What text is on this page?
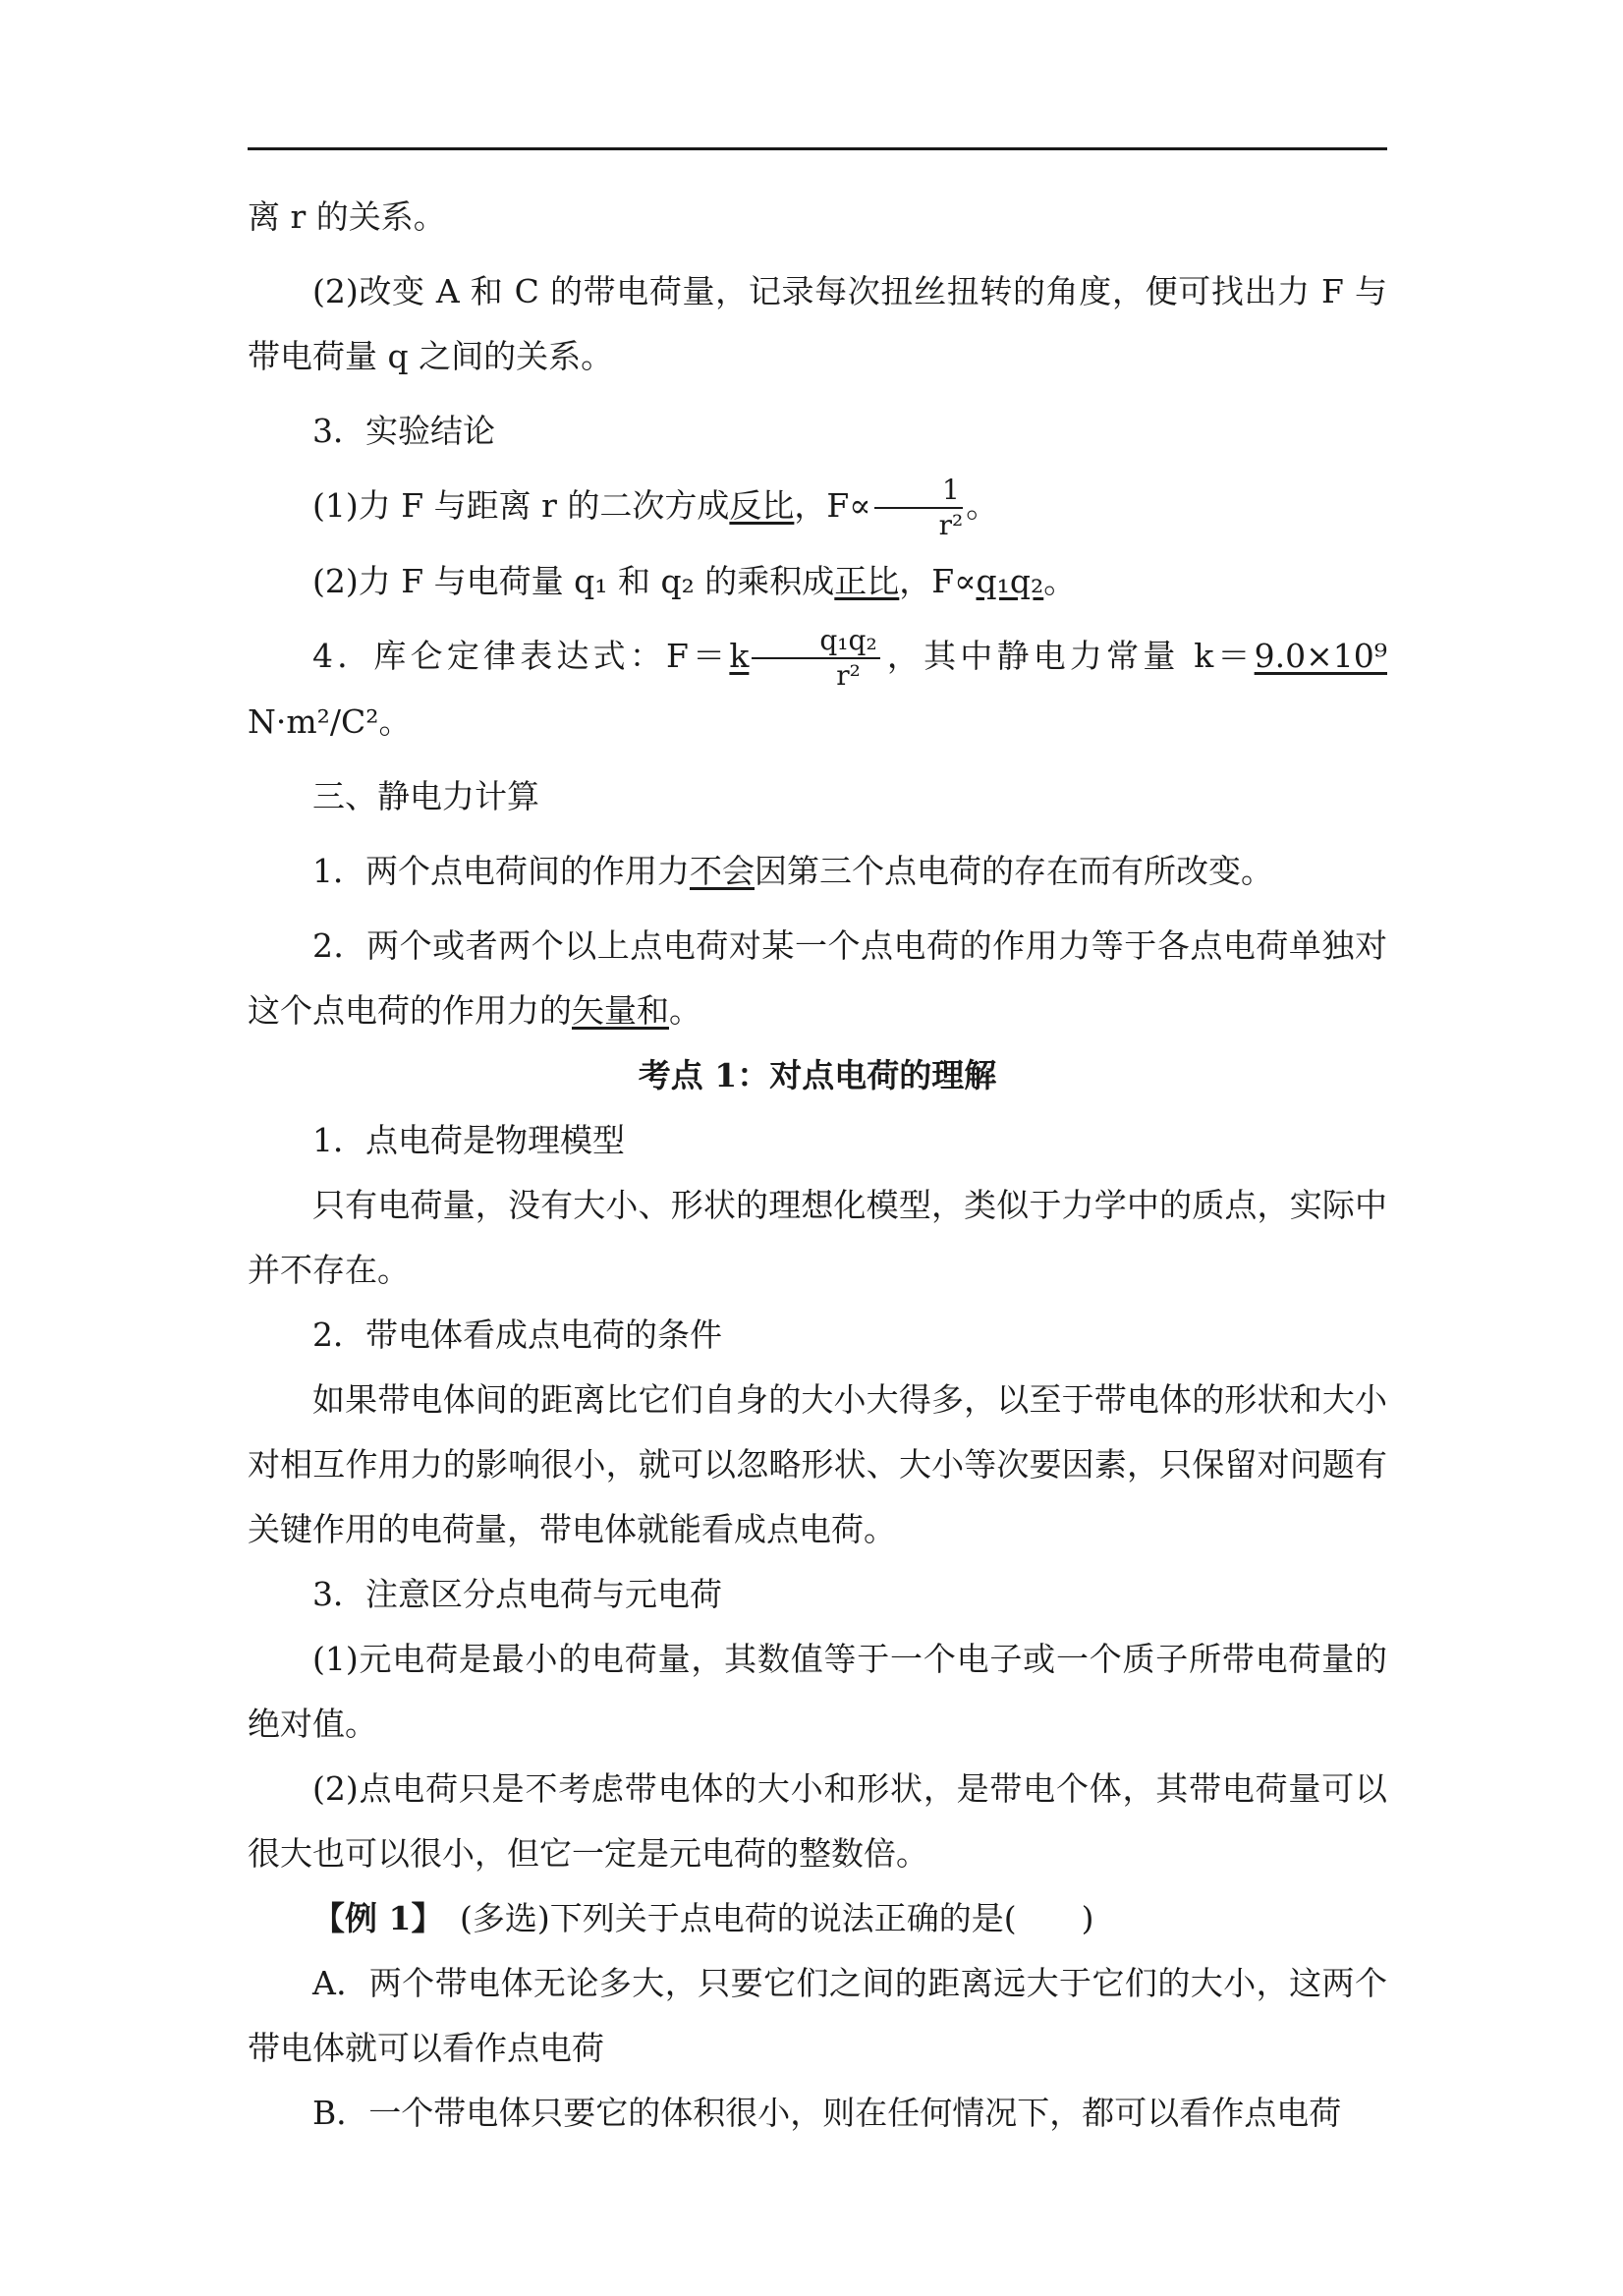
离 r 的关系。

(2)改变 A 和 C 的带电荷量，记录每次扭丝扭转的角度，便可找出力 F 与带电荷量 q 之间的关系。

3．实验结论

(1)力 F 与距离 r 的二次方成反比，$F\propto \frac{1}{\text{r²}}$ 。

(2)力 F 与电荷量 q₁ 和 q₂ 的乘积成正比，F∝q₁q₂。

4．库仑定律表达式：$F=k \frac{\text{q₁q₂}}{\text{r²}}$ ，其中静电力常量 k＝9.0×10⁹ N·m²/C²。

三、静电力计算

1．两个点电荷间的作用力不会因第三个点电荷的存在而有所改变。

2．两个或者两个以上点电荷对某一个点电荷的作用力等于各点电荷单独对这个点电荷的作用力的矢量和。

考点 1：对点电荷的理解

1．点电荷是物理模型

只有电荷量，没有大小、形状的理想化模型，类似于力学中的质点，实际中并不存在。

2．带电体看成点电荷的条件

如果带电体间的距离比它们自身的大小大得多，以至于带电体的形状和大小对相互作用力的影响很小，就可以忽略形状、大小等次要因素，只保留对问题有关键作用的电荷量，带电体就能看成点电荷。

3．注意区分点电荷与元电荷

(1)元电荷是最小的电荷量，其数值等于一个电子或一个质子所带电荷量的绝对值。

(2)点电荷只是不考虑带电体的大小和形状，是带电个体，其带电荷量可以很大也可以很小，但它一定是元电荷的整数倍。

【例 1】　(多选)下列关于点电荷的说法正确的是(　　)

A．两个带电体无论多大，只要它们之间的距离远大于它们的大小，这两个带电体就可以看作点电荷

B．一个带电体只要它的体积很小，则在任何情况下，都可以看作点电荷
